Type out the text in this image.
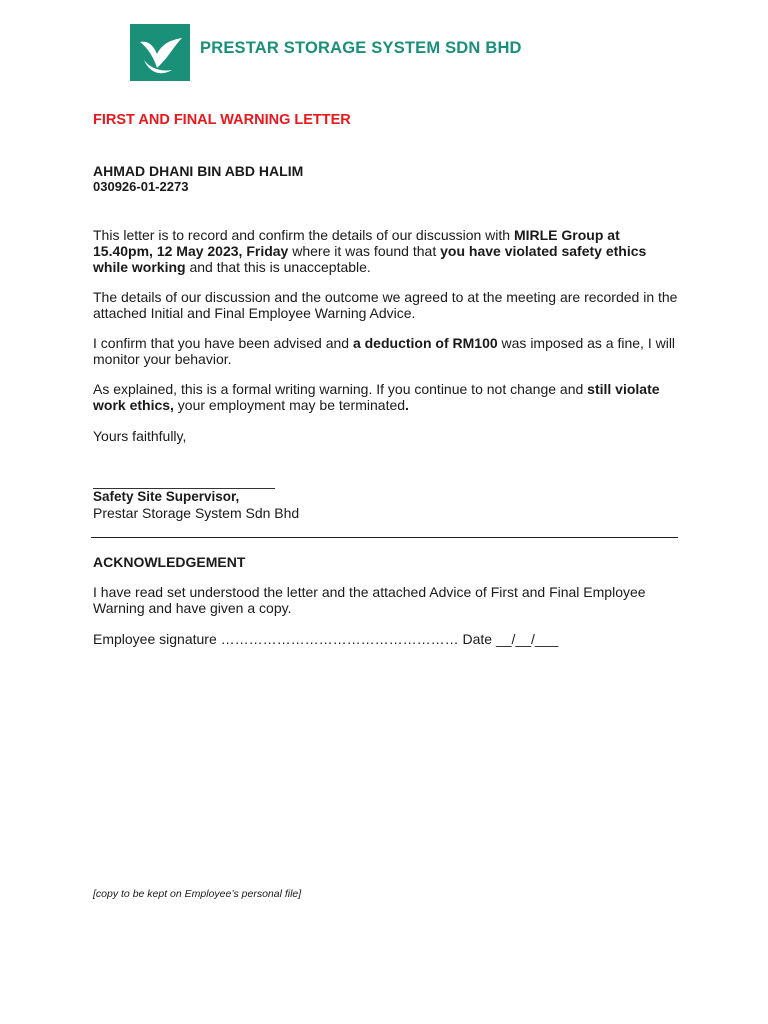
PRESTAR STORAGE SYSTEM SDN BHD
FIRST AND FINAL WARNING LETTER
AHMAD DHANI BIN ABD HALIM
030926-01-2273

This letter is to record and confirm the details of our discussion with MIRLE Group at 15.40pm, 12 May 2023, Friday where it was found that you have violated safety ethics while working and that this is unacceptable.

The details of our discussion and the outcome we agreed to at the meeting are recorded in the attached Initial and Final Employee Warning Advice.

I confirm that you have been advised and a deduction of RM100 was imposed as a fine, I will monitor your behavior.

As explained, this is a formal writing warning. If you continue to not change and still violate work ethics, your employment may be terminated.

Yours faithfully,
Safety Site Supervisor,
Prestar Storage System Sdn Bhd
ACKNOWLEDGEMENT

I have read set understood the letter and the attached Advice of First and Final Employee Warning and have given a copy.

Employee signature …………………………………………… Date __/__/___
[copy to be kept on Employee’s personal file]
